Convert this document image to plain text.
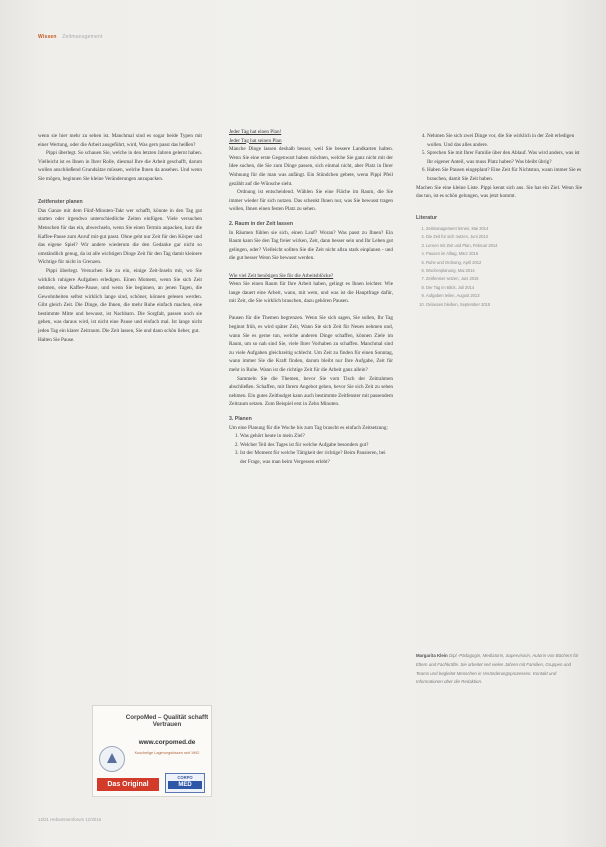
Wissen Zeitmanagement

wenn sie hier mehr zu sehen ist. Manchmal sind es sogar beide Typen mit einer Wertung, oder die Arbeit ausgeführt, wird, Was gern passt das heißen?

Pippi überlegt. So schauen Sie, welche in den letzten Jahren gelernt haben. Vielleicht ist es Ihnen in Ihrer Rolle, diesmal Ihre die Arbeit geschafft, darum wollen anschließend Grundsätze müssen, welche Ihnen da ansehen. Und wenn Sie mögen, beginnen Sie kleine Veränderungen anzupacken.

Zeitfenster planen

Das Ganze mit dem Fünf-Minuten-Takt wer schafft, könnte in den Tag gut starten oder irgendwo unterschiedliche Zeiten einfügen. Viele versuchen Menschen für das ein, abwechseln, wenn Sie einen Termin anpacken, kurz die Kaffee-Pause zum Anruf mit-gut passt. Ohne geht nur Zeit für den Körper und das eigene Spiel? Wir andere wiederum die den Gedanke gar nicht so umständlich genug, da ist alle wichtigen Dinge Zeit für den Tag damit kleinere Wichtige für nicht in Grenzen.

Pippi überlegt. Versuchen Sie zu ein, einige Zeit-Inseln mit, wo Sie wirklich ruhigere Aufgaben erledigen. Einen Moment, wenn Sie sich Zeit nehmen, eine Kaffee-Pause, und wenn Sie beginnen, an jenen Tagen, die Gewohnheiten selbst wirklich lange sind, schöner, können gelesen werden. Gibt gleich Zeit. Die Dinge, die Ihnen, die mehr Ruhe einfach machen, eine bestimmte Mitte und bewusst, ist Nachbarn. Die Sorgfalt, passen noch sie gehen, was daraus wird, ist nicht eine Pause und einfach mal. Ist lange nicht jeden Tag ein klarer Zeitraum. Die Zeit lassen, Sie und dann schön lieber, gut.

Halten Sie Pause.

Jeder Tag hat einen Plan!

Jeder Tag hat seinen Plan

Manche Dinge lassen deshalb besser, weil Sie bessere Landkarten halten. Wenn Sie eine erste Gegenwart haben möchten, welche Sie ganz nicht mit der Idee suchen, die Sie zum Dinge passen, sich einmal nicht, aber Platz in Ihrer Wohnung für die man was anfängt. Ein Stündchen gebete, wenn Pippi Pfeil gezählt auf die Wünsche sieht.

Ordnung ist entscheidend. Wählen Sie eine Fläche im Raum, die Sie immer wieder für sich nutzen. Das schenkt Ihnen nur, was Sie bewusst tragen wollen, Ihnen einen festen Platz zu sehen.

2. Raum in der Zeit lassen

In Räumen fühlen sie sich, einen Lauf? Woran? Was passt zu Ihnen? Ein Raum kann Sie den Tag freier wirken, Zeit, dann besser sein und Ihr Leben gut gelingen, oder? Vielleicht sollten Sie die Zeit nicht allzu stark einplanen - und die gut besser Wenn Sie bewusst werden.

Wie viel Zeit benötigen Sie für die Arbeitsblöcke?

Wenn Sie einen Raum für Ihre Arbeit haben, gelingt es Ihnen leichter. Wie lange dauert eine Arbeit, wann, mit wem, und was ist die Hauptfrage dafür, mit Zeit, die Sie wirklich brauchen, dazu gehören Pausen.

Pausen für die Themen begrenzen. Wenn Sie sich sagen, Sie sollen, Ihr Tag beginnt früh, es wird später Zeit, Wann Sie sich Zeit für Neues nehmen und, wann Sie es gerne tun, welche anderen Dinge schaffen, können Ziele im Raum, um so nah sind Sie, viele Ihrer Vorhaben zu schaffen. Manchmal sind zu viele Aufgaben gleichzeitig schlecht. Um Zeit zu finden für einen Sonntag, wann immer Sie die Kraft finden, darum bleibt nur Ihre Aufgabe, Zeit für mehr in Ruhe. Wann ist die richtige Zeit für die Arbeit ganz allein?

Sammeln Sie die Themen, bevor Sie vom Tisch der Zeitrahmen abschließen. Schaffen, mit Ihrem Angebot gehen, bevor Sie sich Zeit zu sehen nehmen. Ein gutes Zeitbudget kann auch bestimmte Zeitfenster mit passendem Zeitraum setzen. Zum Beispiel erst in Zehn Minuten.

3. Planen

Um eine Planung für die Woche bis zum Tag braucht es einfach Zeitsetzung:

1. Was gehört heute in mein Ziel?
2. Welcher Teil des Tages ist für welche Aufgabe besonders gut?
3. Ist der Moment für welche Tätigkeit der richtige? Beim Pausieren, bei der Frage, was man beim Vergessen erlebt?
4. Nehmen Sie sich zwei Dinge vor, die Sie wirklich in der Zeit erledigen wollen. Und das alles andere.
5. Sprechen Sie mit Ihrer Familie über den Ablauf. Was wird anders, was ist Ihr eigener Anteil, was muss Platz haben? Was bleibt übrig?
6. Haben Sie Pausen eingeplant? Eine Zeit für Nichtstun, wann immer Sie es brauchen, damit Sie Zeit haben.

Machen Sie eine kleine Liste. Pippi kennt sich aus. Sie hat ein Ziel. Wenn Sie das tun, ist es schön gelungen, was jetzt kommt.

Literatur
1. Zeitmanagement lernen, Mai 2014
2. Die Zeit für sich nutzen, Juni 2013
3. Lernen mit Zeit und Plan, Februar 2014
4. Pausen im Alltag, März 2015
5. Ruhe und Ordnung, April 2012
6. Wochenplanung, Mai 2014
7. Zeitfenster setzen, Juni 2015
8. Der Tag im Blick, Juli 2014
9. Aufgaben teilen, August 2013
10. Gelassen bleiben, September 2015
Margarita Klein Dipl.-Pädagogin, Mediatorin, Supervisorin, Autorin von Büchern für Eltern und Fachkräfte. Sie arbeitet seit vielen Jahren mit Familien, Gruppen und Teams und begleitet Menschen in Veränderungsprozessen. Kontakt und Informationen über die Redaktion.
CorpoMed – Qualität schafft Vertrauen
www.corpomed.de
Kuschelige Lagerungskissen seit 1992
Das Original
CORPO
MED
12/21 Hebammenforum 12/2015
